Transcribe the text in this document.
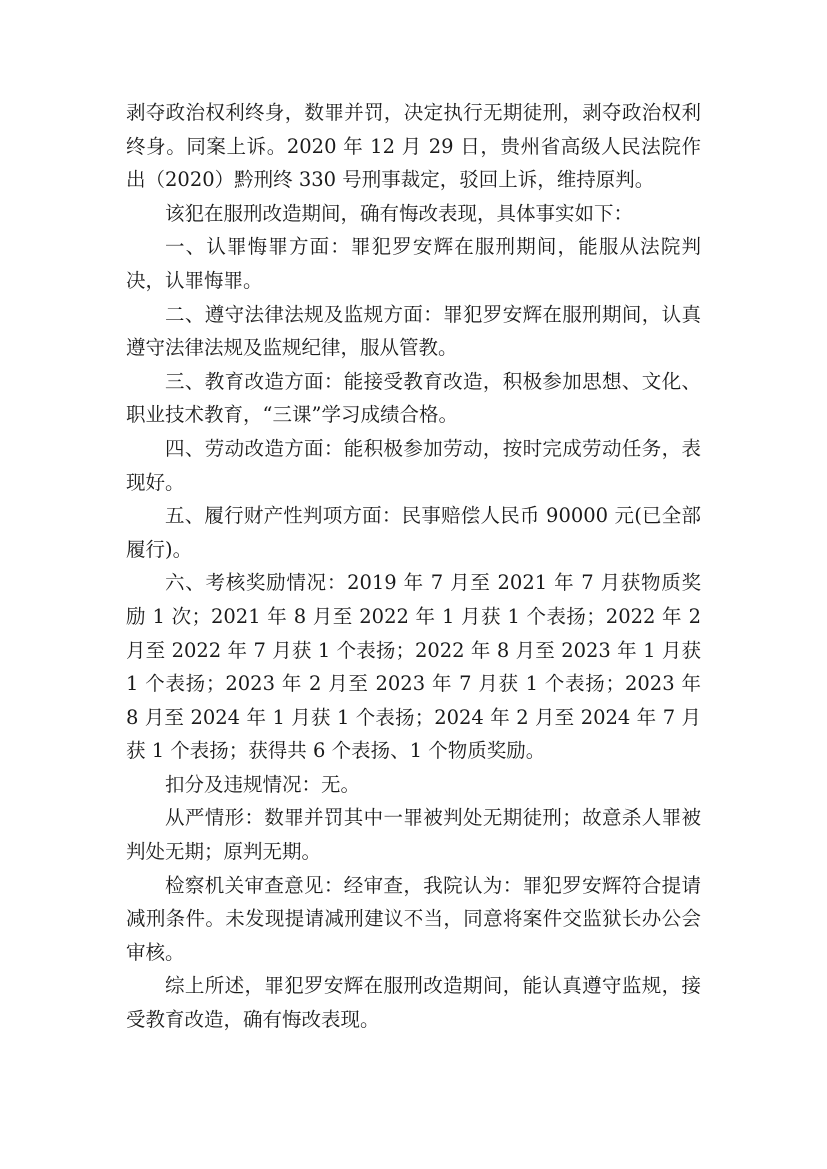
剥夺政治权利终身，数罪并罚，决定执行无期徒刑，剥夺政治权利终身。同案上诉。2020 年 12 月 29 日，贵州省高级人民法院作出（2020）黔刑终 330 号刑事裁定，驳回上诉，维持原判。

该犯在服刑改造期间，确有悔改表现，具体事实如下：

一、认罪悔罪方面：罪犯罗安辉在服刑期间，能服从法院判决，认罪悔罪。

二、遵守法律法规及监规方面：罪犯罗安辉在服刑期间，认真遵守法律法规及监规纪律，服从管教。

三、教育改造方面：能接受教育改造，积极参加思想、文化、职业技术教育，“三课”学习成绩合格。

四、劳动改造方面：能积极参加劳动，按时完成劳动任务，表现好。

五、履行财产性判项方面：民事赔偿人民币 90000 元(已全部履行)。

六、考核奖励情况：2019 年 7 月至 2021 年 7 月获物质奖励 1 次；2021 年 8 月至 2022 年 1 月获 1 个表扬；2022 年 2 月至 2022 年 7 月获 1 个表扬；2022 年 8 月至 2023 年 1 月获 1 个表扬；2023 年 2 月至 2023 年 7 月获 1 个表扬；2023 年 8 月至 2024 年 1 月获 1 个表扬；2024 年 2 月至 2024 年 7 月获 1 个表扬；获得共 6 个表扬、1 个物质奖励。

扣分及违规情况：无。

从严情形：数罪并罚其中一罪被判处无期徒刑；故意杀人罪被判处无期；原判无期。

检察机关审查意见：经审查，我院认为：罪犯罗安辉符合提请减刑条件。未发现提请减刑建议不当，同意将案件交监狱长办公会审核。

综上所述，罪犯罗安辉在服刑改造期间，能认真遵守监规，接受教育改造，确有悔改表现。
